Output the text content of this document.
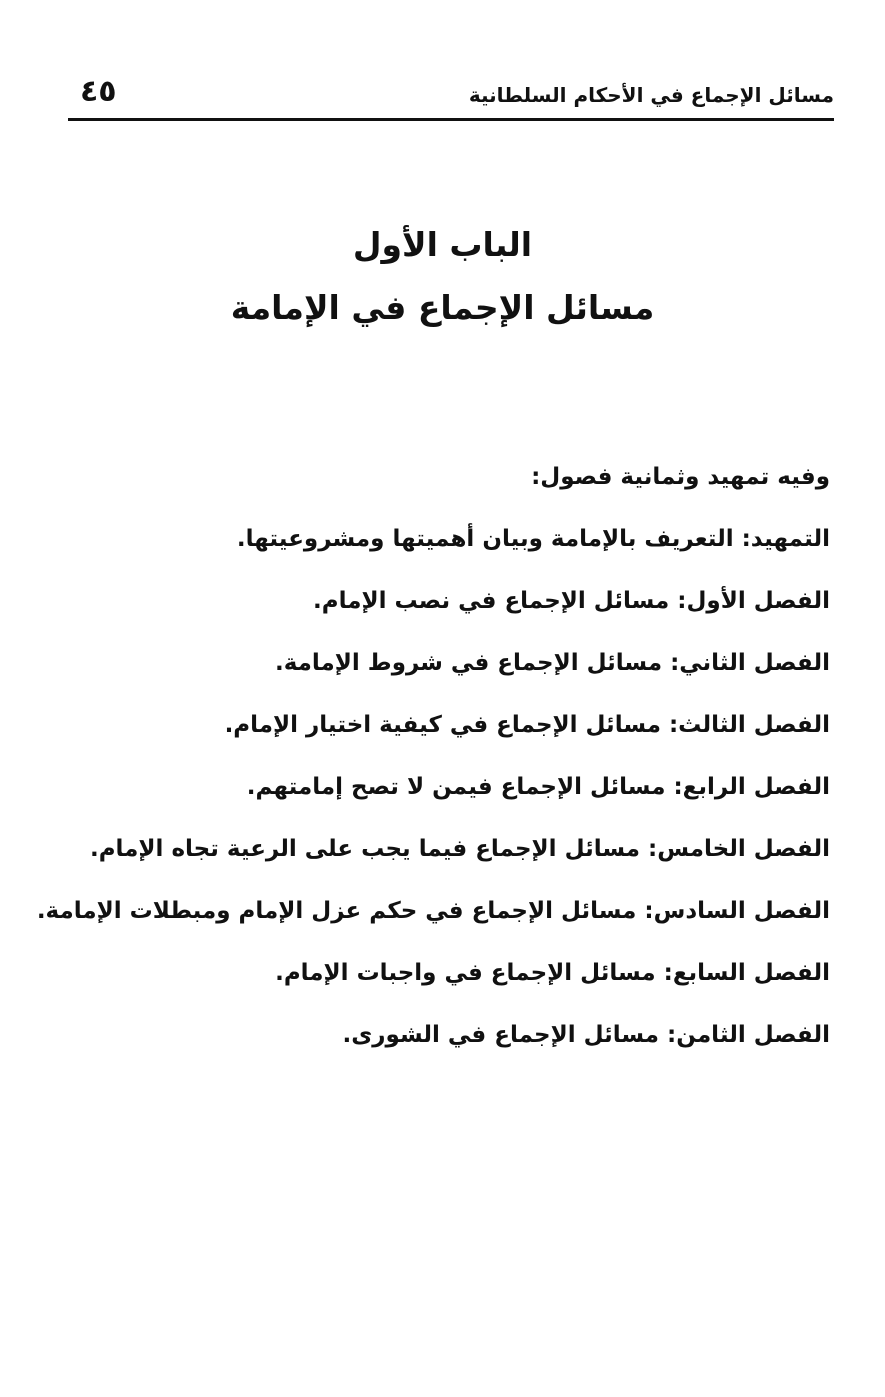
مسائل الإجماع في الأحكام السلطانية
٤٥
الباب الأول
مسائل الإجماع في الإمامة
وفيه تمهيد وثمانية فصول:
التمهيد: التعريف بالإمامة وبيان أهميتها ومشروعيتها.
الفصل الأول: مسائل الإجماع في نصب الإمام.
الفصل الثاني: مسائل الإجماع في شروط الإمامة.
الفصل الثالث: مسائل الإجماع في كيفية اختيار الإمام.
الفصل الرابع: مسائل الإجماع فيمن لا تصح إمامتهم.
الفصل الخامس: مسائل الإجماع فيما يجب على الرعية تجاه الإمام.
الفصل السادس: مسائل الإجماع في حكم عزل الإمام ومبطلات الإمامة.
الفصل السابع: مسائل الإجماع في واجبات الإمام.
الفصل الثامن: مسائل الإجماع في الشورى.
